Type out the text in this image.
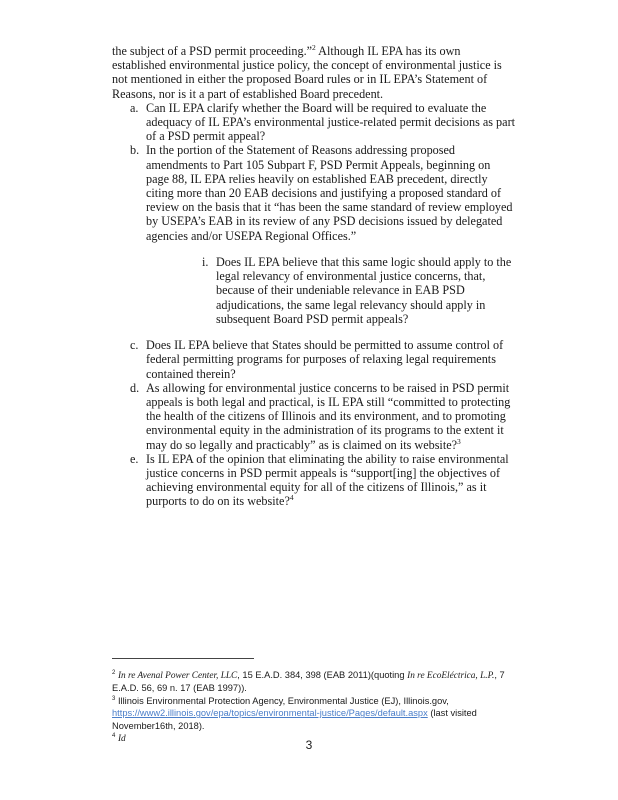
the subject of a PSD permit proceeding.”$^2$ Although IL EPA has its own established environmental justice policy, the concept of environmental justice is not mentioned in either the proposed Board rules or in IL EPA’s Statement of Reasons, nor is it a part of established Board precedent.

a. Can IL EPA clarify whether the Board will be required to evaluate the adequacy of IL EPA’s environmental justice-related permit decisions as part of a PSD permit appeal?

b. In the portion of the Statement of Reasons addressing proposed amendments to Part 105 Subpart F, PSD Permit Appeals, beginning on page 88, IL EPA relies heavily on established EAB precedent, directly citing more than 20 EAB decisions and justifying a proposed standard of review on the basis that it “has been the same standard of review employed by USEPA’s EAB in its review of any PSD decisions issued by delegated agencies and/or USEPA Regional Offices.”

i. Does IL EPA believe that this same logic should apply to the legal relevancy of environmental justice concerns, that, because of their undeniable relevance in EAB PSD adjudications, the same legal relevancy should apply in subsequent Board PSD permit appeals?

c. Does IL EPA believe that States should be permitted to assume control of federal permitting programs for purposes of relaxing legal requirements contained therein?

d. As allowing for environmental justice concerns to be raised in PSD permit appeals is both legal and practical, is IL EPA still “committed to protecting the health of the citizens of Illinois and its environment, and to promoting environmental equity in the administration of its programs to the extent it may do so legally and practicably” as is claimed on its website?$^3$

e. Is IL EPA of the opinion that eliminating the ability to raise environmental justice concerns in PSD permit appeals is “support[ing] the objectives of achieving environmental equity for all of the citizens of Illinois,” as it purports to do on its website?$^4$

$^2$ In re Avenal Power Center, LLC, 15 E.A.D. 384, 398 (EAB 2011)(quoting In re EcoEléctrica, L.P., 7 E.A.D. 56, 69 n. 17 (EAB 1997)).

$^3$ Illinois Environmental Protection Agency, Environmental Justice (EJ), Illinois.gov,
https://www2.illinois.gov/epa/topics/environmental-justice/Pages/default.aspx (last visited November16th, 2018).

$^4$ Id	3
